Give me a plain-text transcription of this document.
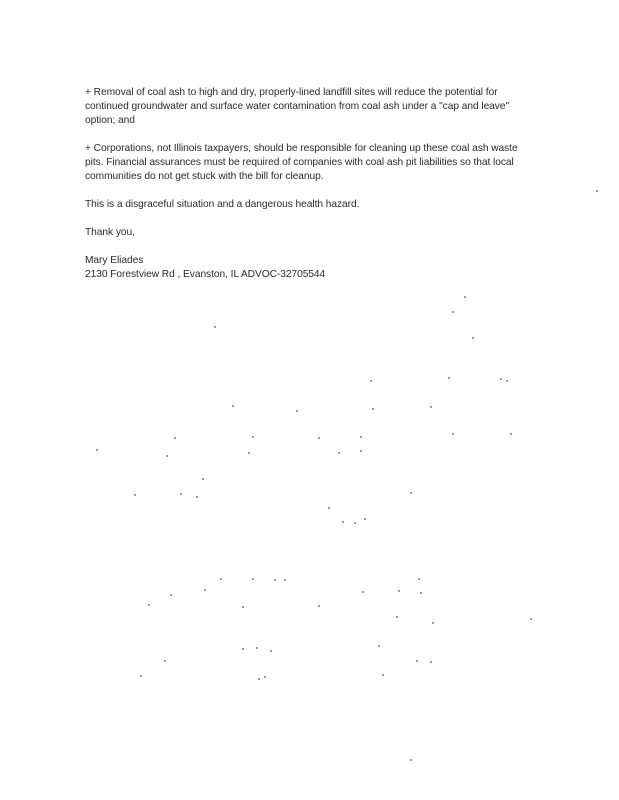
+ Removal of coal ash to high and dry, properly-lined landfill sites will reduce the potential for continued groundwater and surface water contamination from coal ash under a "cap and leave" option; and

+ Corporations, not Illinois taxpayers, should be responsible for cleaning up these coal ash waste pits. Financial assurances must be required of companies with coal ash pit liabilities so that local communities do not get stuck with the bill for cleanup.

This is a disgraceful situation and a dangerous health hazard.

Thank you,

Mary Eliades

2130 Forestview Rd , Evanston, IL ADVOC-32705544
